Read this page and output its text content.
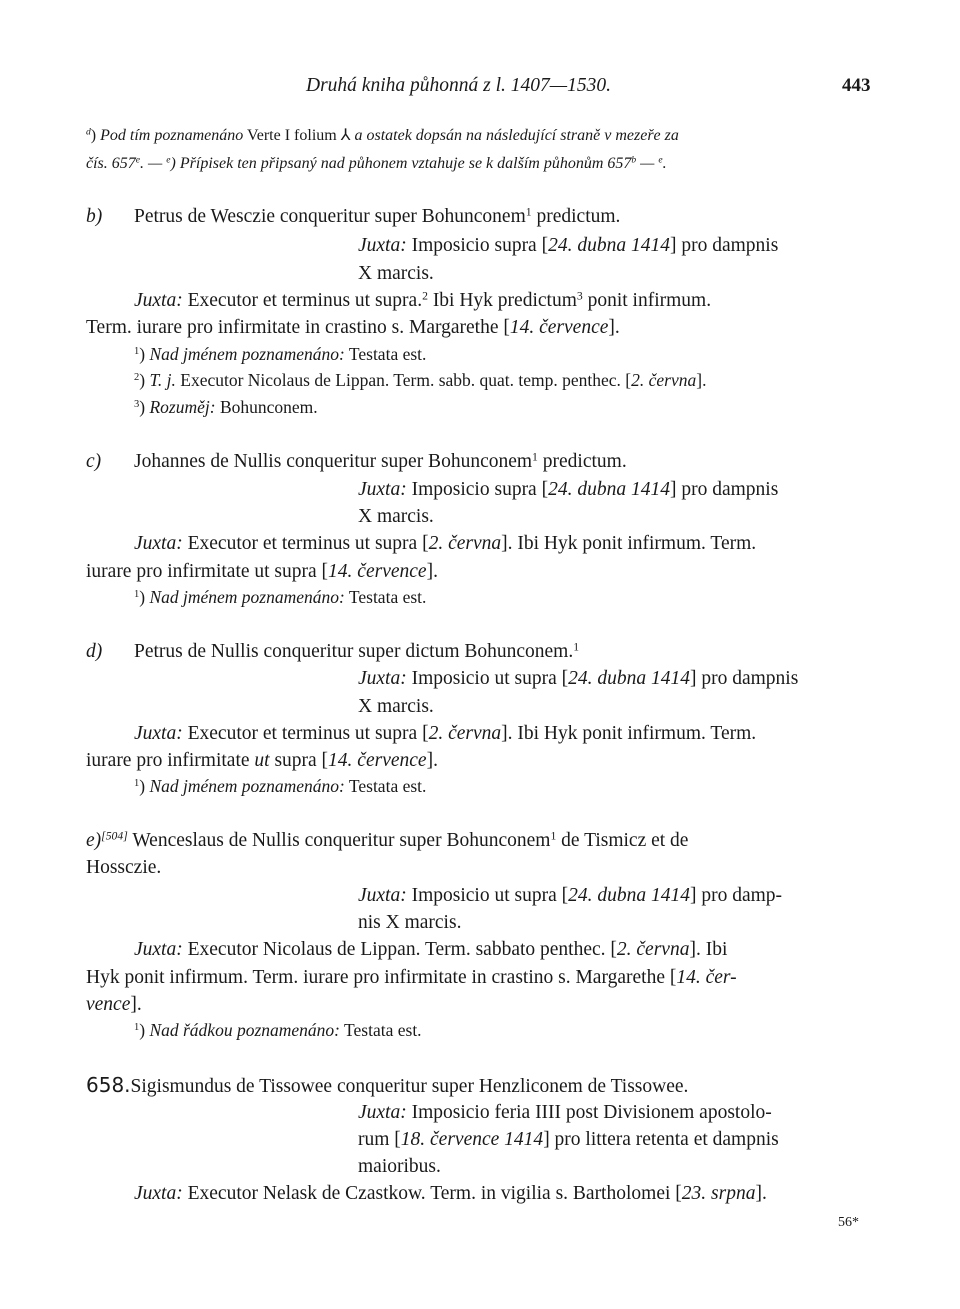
Druhá kniha půhonná z l. 1407—1530.	443
$^d$) Pod tím poznamenáno Verte I folium ⅄ a ostatek dopsán na následující straně v mezeře za
čís. 657e. — $^e$) Přípisek ten připsaný nad půhonem vztahuje se k dalším půhonům 657$^b$ — $^e$.
b) Petrus de Wesczie conqueritur super Bohunconem$^1$ predictum.
Juxta: Imposicio supra [24. dubna 1414] pro dampnis
X marcis.
Juxta: Executor et terminus ut supra.$^2$ Ibi Hyk predictum$^3$ ponit infirmum.
Term. iurare pro infirmitate in crastino s. Margarethe [14. července].
$^1$) Nad jménem poznamenáno: Testata est.
$^2$) T. j. Executor Nicolaus de Lippan. Term. sabb. quat. temp. penthec. [2. června].
$^3$) Rozuměj: Bohunconem.
c) Johannes de Nullis conqueritur super Bohunconem$^1$ predictum.
Juxta: Imposicio supra [24. dubna 1414] pro dampnis
X marcis.
Juxta: Executor et terminus ut supra [2. června]. Ibi Hyk ponit infirmum. Term.
iurare pro infirmitate ut supra [14. července].
$^1$) Nad jménem poznamenáno: Testata est.
d) Petrus de Nullis conqueritur super dictum Bohunconem.$^1$
Juxta: Imposicio ut supra [24. dubna 1414] pro dampnis
X marcis.
Juxta: Executor et terminus ut supra [2. června]. Ibi Hyk ponit infirmum. Term.
iurare pro infirmitate ut supra [14. července].
$^1$) Nad jménem poznamenáno: Testata est.
e)[504] Wenceslaus de Nullis conqueritur super Bohunconem$^1$ de Tismicz et de
Hossczie.
Juxta: Imposicio ut supra [24. dubna 1414] pro damp-
nis X marcis.
Juxta: Executor Nicolaus de Lippan. Term. sabbato penthec. [2. června]. Ibi
Hyk ponit infirmum. Term. iurare pro infirmitate in crastino s. Margarethe [14. čer-
vence].
$^1$) Nad řádkou poznamenáno: Testata est.
658.Sigismundus de Tissowee conqueritur super Henzliconem de Tissowee.
Juxta: Imposicio feria IIII post Divisionem apostolo-
rum [18. července 1414] pro littera retenta et dampnis
maioribus.
Juxta: Executor Nelask de Czastkow. Term. in vigilia s. Bartholomei [23. srpna].
56*
